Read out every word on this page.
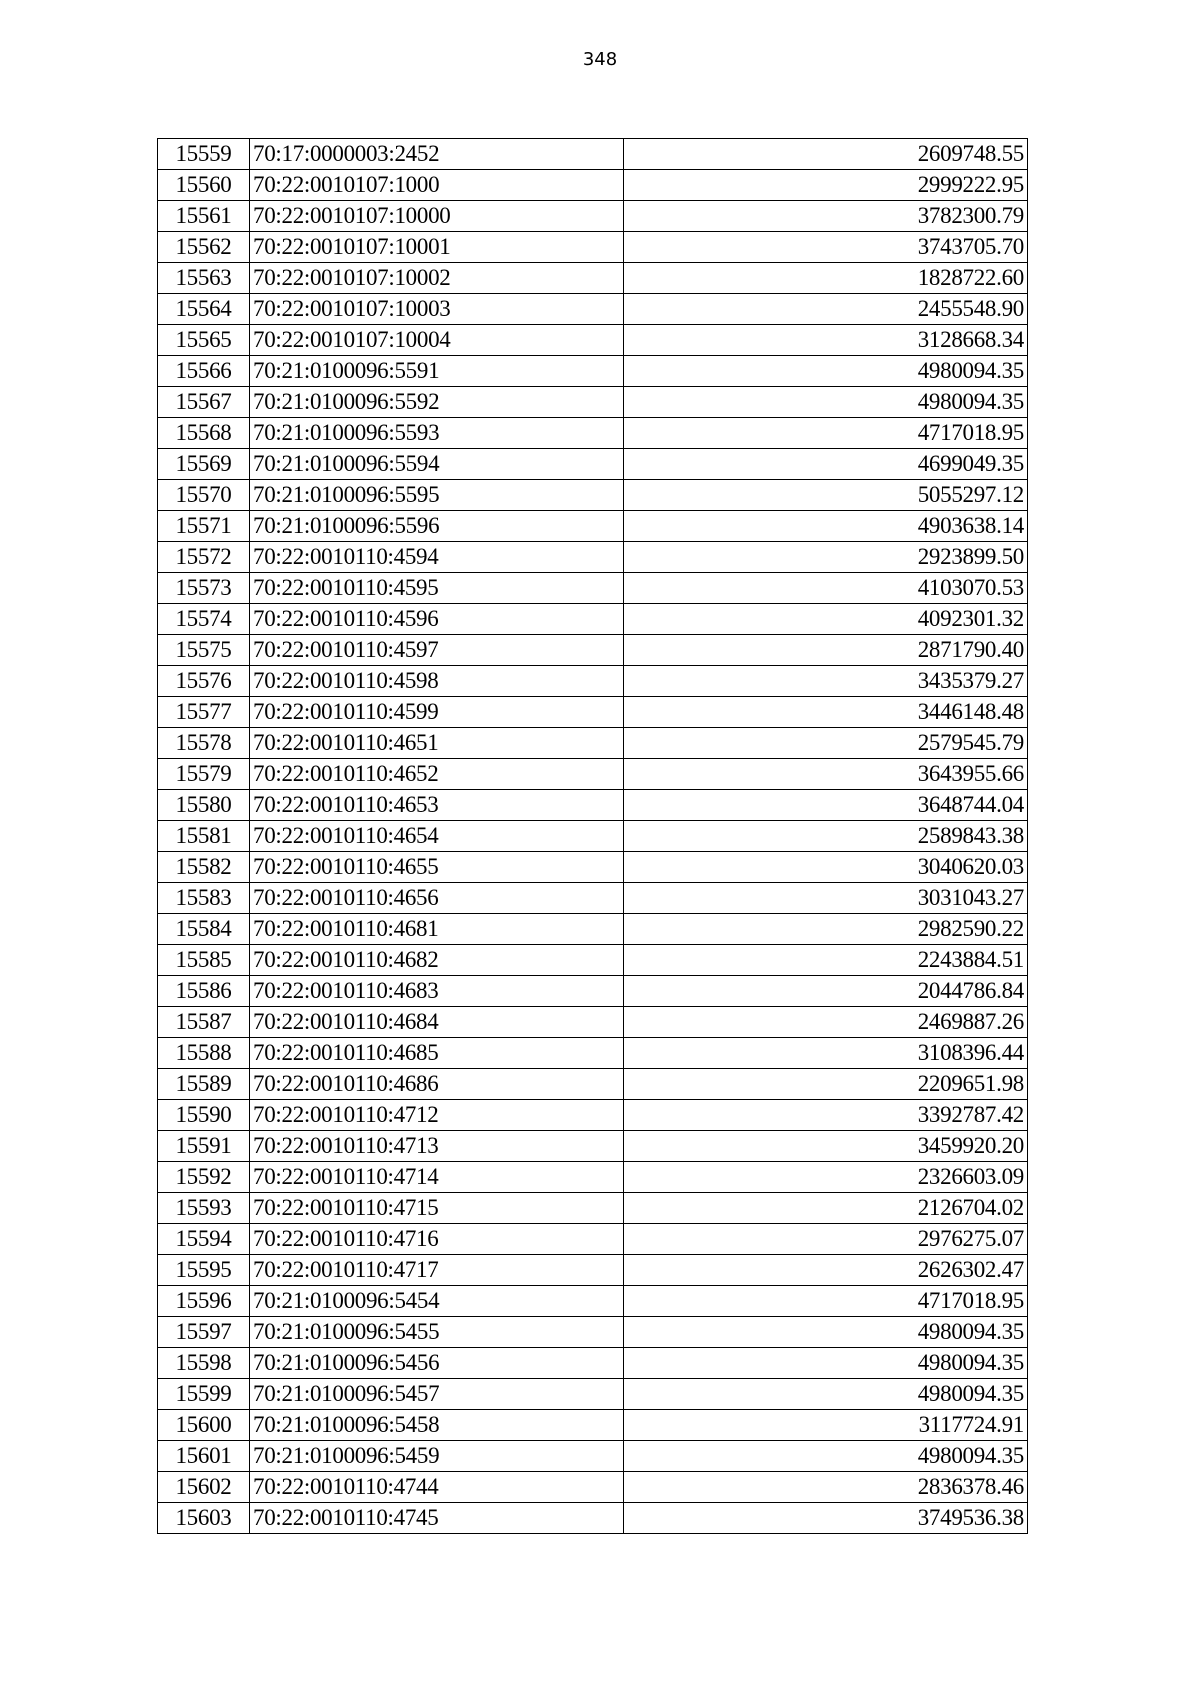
348
15559	70:17:0000003:2452	2609748.55
15560	70:22:0010107:1000	2999222.95
15561	70:22:0010107:10000	3782300.79
15562	70:22:0010107:10001	3743705.70
15563	70:22:0010107:10002	1828722.60
15564	70:22:0010107:10003	2455548.90
15565	70:22:0010107:10004	3128668.34
15566	70:21:0100096:5591	4980094.35
15567	70:21:0100096:5592	4980094.35
15568	70:21:0100096:5593	4717018.95
15569	70:21:0100096:5594	4699049.35
15570	70:21:0100096:5595	5055297.12
15571	70:21:0100096:5596	4903638.14
15572	70:22:0010110:4594	2923899.50
15573	70:22:0010110:4595	4103070.53
15574	70:22:0010110:4596	4092301.32
15575	70:22:0010110:4597	2871790.40
15576	70:22:0010110:4598	3435379.27
15577	70:22:0010110:4599	3446148.48
15578	70:22:0010110:4651	2579545.79
15579	70:22:0010110:4652	3643955.66
15580	70:22:0010110:4653	3648744.04
15581	70:22:0010110:4654	2589843.38
15582	70:22:0010110:4655	3040620.03
15583	70:22:0010110:4656	3031043.27
15584	70:22:0010110:4681	2982590.22
15585	70:22:0010110:4682	2243884.51
15586	70:22:0010110:4683	2044786.84
15587	70:22:0010110:4684	2469887.26
15588	70:22:0010110:4685	3108396.44
15589	70:22:0010110:4686	2209651.98
15590	70:22:0010110:4712	3392787.42
15591	70:22:0010110:4713	3459920.20
15592	70:22:0010110:4714	2326603.09
15593	70:22:0010110:4715	2126704.02
15594	70:22:0010110:4716	2976275.07
15595	70:22:0010110:4717	2626302.47
15596	70:21:0100096:5454	4717018.95
15597	70:21:0100096:5455	4980094.35
15598	70:21:0100096:5456	4980094.35
15599	70:21:0100096:5457	4980094.35
15600	70:21:0100096:5458	3117724.91
15601	70:21:0100096:5459	4980094.35
15602	70:22:0010110:4744	2836378.46
15603	70:22:0010110:4745	3749536.38
